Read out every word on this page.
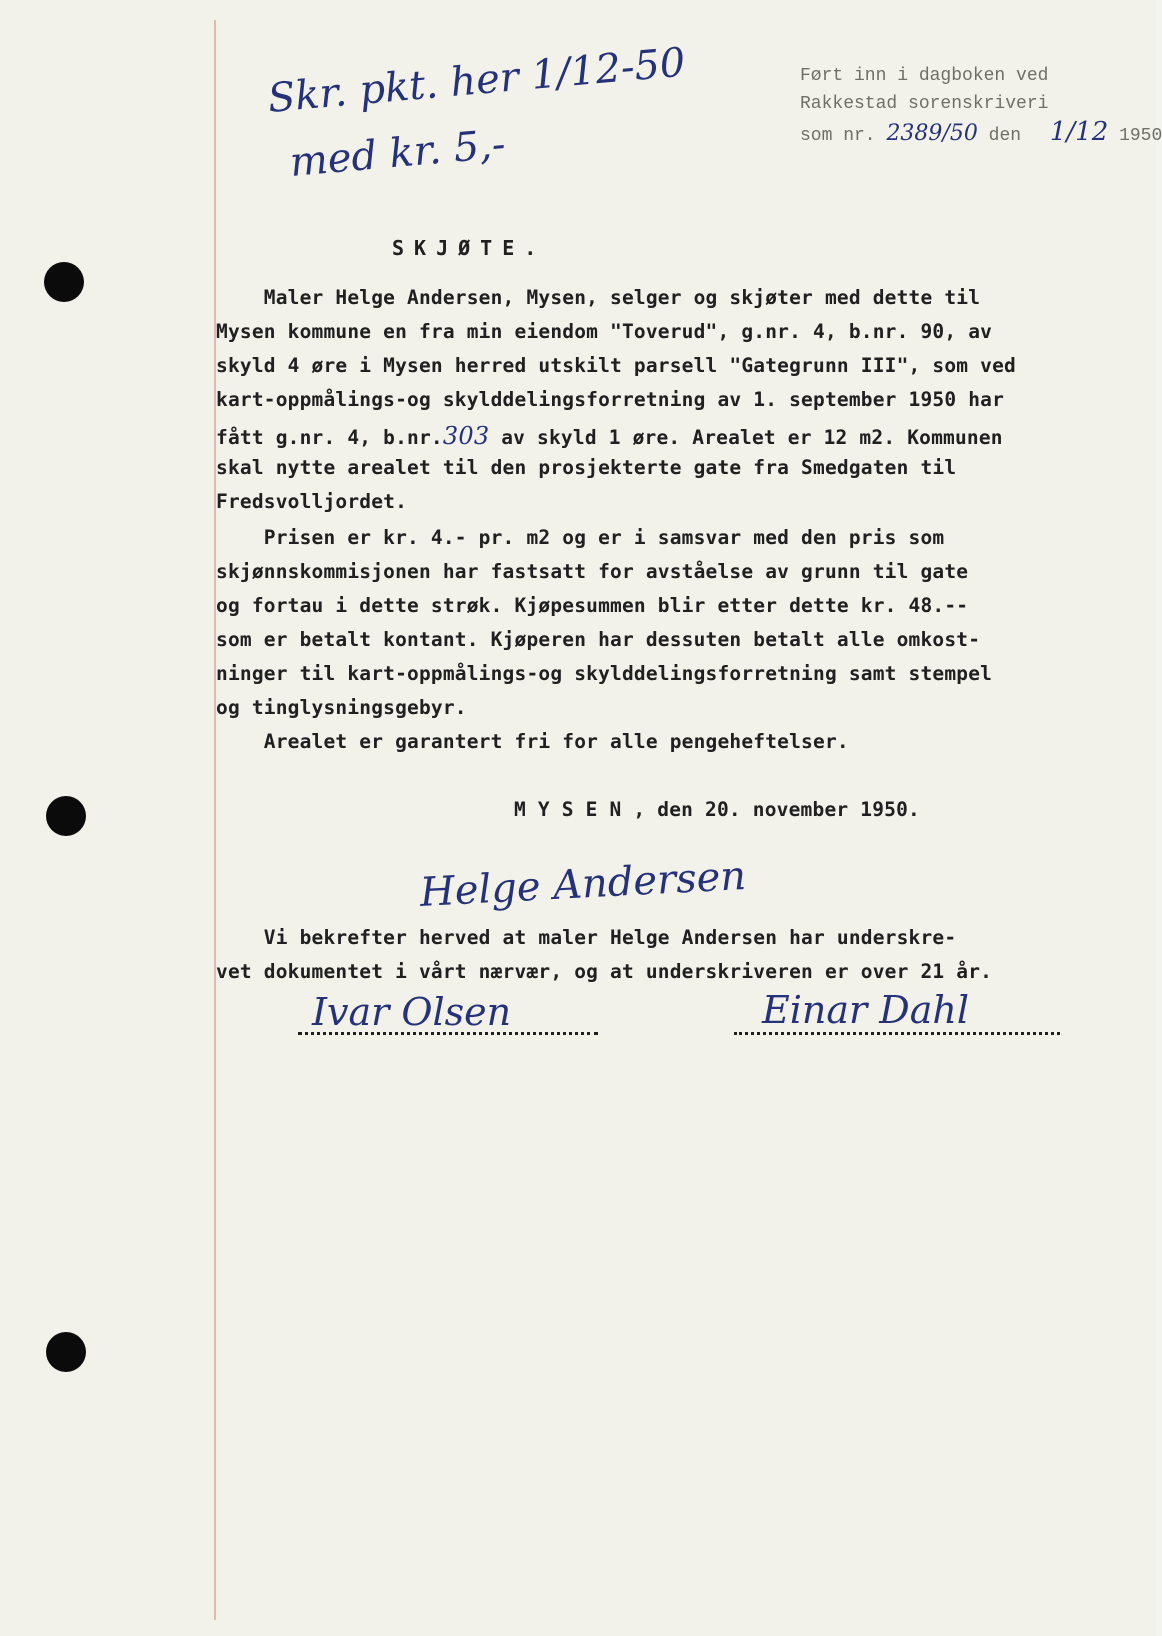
Skr. pkt. her 1/12-50
med kr. 5,-
Ført inn i dagboken ved
Rakkestad sorenskriveri
som nr. 2389/50 den 1/12 1950
SKJØTE.
Maler Helge Andersen, Mysen, selger og skjøter med dette til
Mysen kommune en fra min eiendom "Toverud", g.nr. 4, b.nr. 90, av
skyld 4 øre i Mysen herred utskilt parsell "Gategrunn III", som ved
kart-oppmålings-og skylddelingsforretning av 1. september 1950 har
fått g.nr. 4, b.nr.303 av skyld 1 øre. Arealet er 12 m2. Kommunen
skal nytte arealet til den prosjekterte gate fra Smedgaten til
Fredsvolljordet.
Prisen er kr. 4.- pr. m2 og er i samsvar med den pris som
skjønnskommisjonen har fastsatt for avståelse av grunn til gate
og fortau i dette strøk. Kjøpesummen blir etter dette kr. 48.--
som er betalt kontant. Kjøperen har dessuten betalt alle omkost-
ninger til kart-oppmålings-og skylddelingsforretning samt stempel
og tinglysningsgebyr.
Arealet er garantert fri for alle pengeheftelser.
M Y S E N , den 20. november 1950.
Helge Andersen
Vi bekrefter herved at maler Helge Andersen har underskre-
vet dokumentet i vårt nærvær, og at underskriveren er over 21 år.
Ivar Olsen	Einar Dahl
